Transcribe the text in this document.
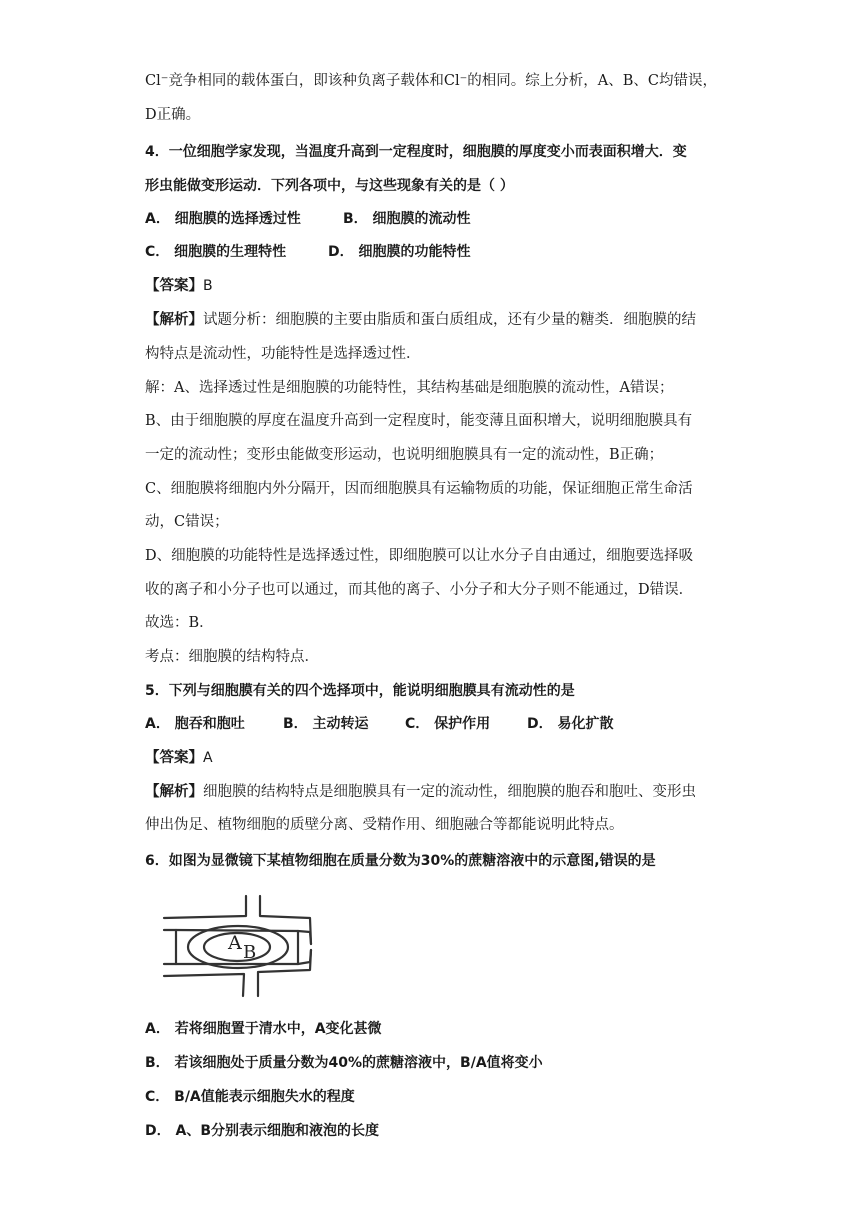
Cl⁻竞争相同的载体蛋白，即该种负离子载体和Cl⁻的相同。综上分析，A、B、C均错误，
D正确。
4．一位细胞学家发现，当温度升高到一定程度时，细胞膜的厚度变小而表面积增大．变
形虫能做变形运动．下列各项中，与这些现象有关的是（ ）
A． 细胞膜的选择透过性	B． 细胞膜的流动性
C． 细胞膜的生理特性	D． 细胞膜的功能特性
【答案】B
【解析】试题分析：细胞膜的主要由脂质和蛋白质组成，还有少量的糖类．细胞膜的结
构特点是流动性，功能特性是选择透过性．
解：A、选择透过性是细胞膜的功能特性，其结构基础是细胞膜的流动性，A错误；
B、由于细胞膜的厚度在温度升高到一定程度时，能变薄且面积增大，说明细胞膜具有
一定的流动性；变形虫能做变形运动，也说明细胞膜具有一定的流动性，B正确；
C、细胞膜将细胞内外分隔开，因而细胞膜具有运输物质的功能，保证细胞正常生命活
动，C错误；
D、细胞膜的功能特性是选择透过性，即细胞膜可以让水分子自由通过，细胞要选择吸
收的离子和小分子也可以通过，而其他的离子、小分子和大分子则不能通过，D错误．
故选：B．
考点：细胞膜的结构特点．
5．下列与细胞膜有关的四个选择项中，能说明细胞膜具有流动性的是
A． 胞吞和胞吐	B． 主动转运	C． 保护作用	D． 易化扩散
【答案】A
【解析】细胞膜的结构特点是细胞膜具有一定的流动性，细胞膜的胞吞和胞吐、变形虫
伸出伪足、植物细胞的质壁分离、受精作用、细胞融合等都能说明此特点。
6．如图为显微镜下某植物细胞在质量分数为30%的蔗糖溶液中的示意图,错误的是
A B
A． 若将细胞置于清水中，A变化甚微
B． 若该细胞处于质量分数为40%的蔗糖溶液中，B/A值将变小
C． B/A值能表示细胞失水的程度
D． A、B分别表示细胞和液泡的长度
